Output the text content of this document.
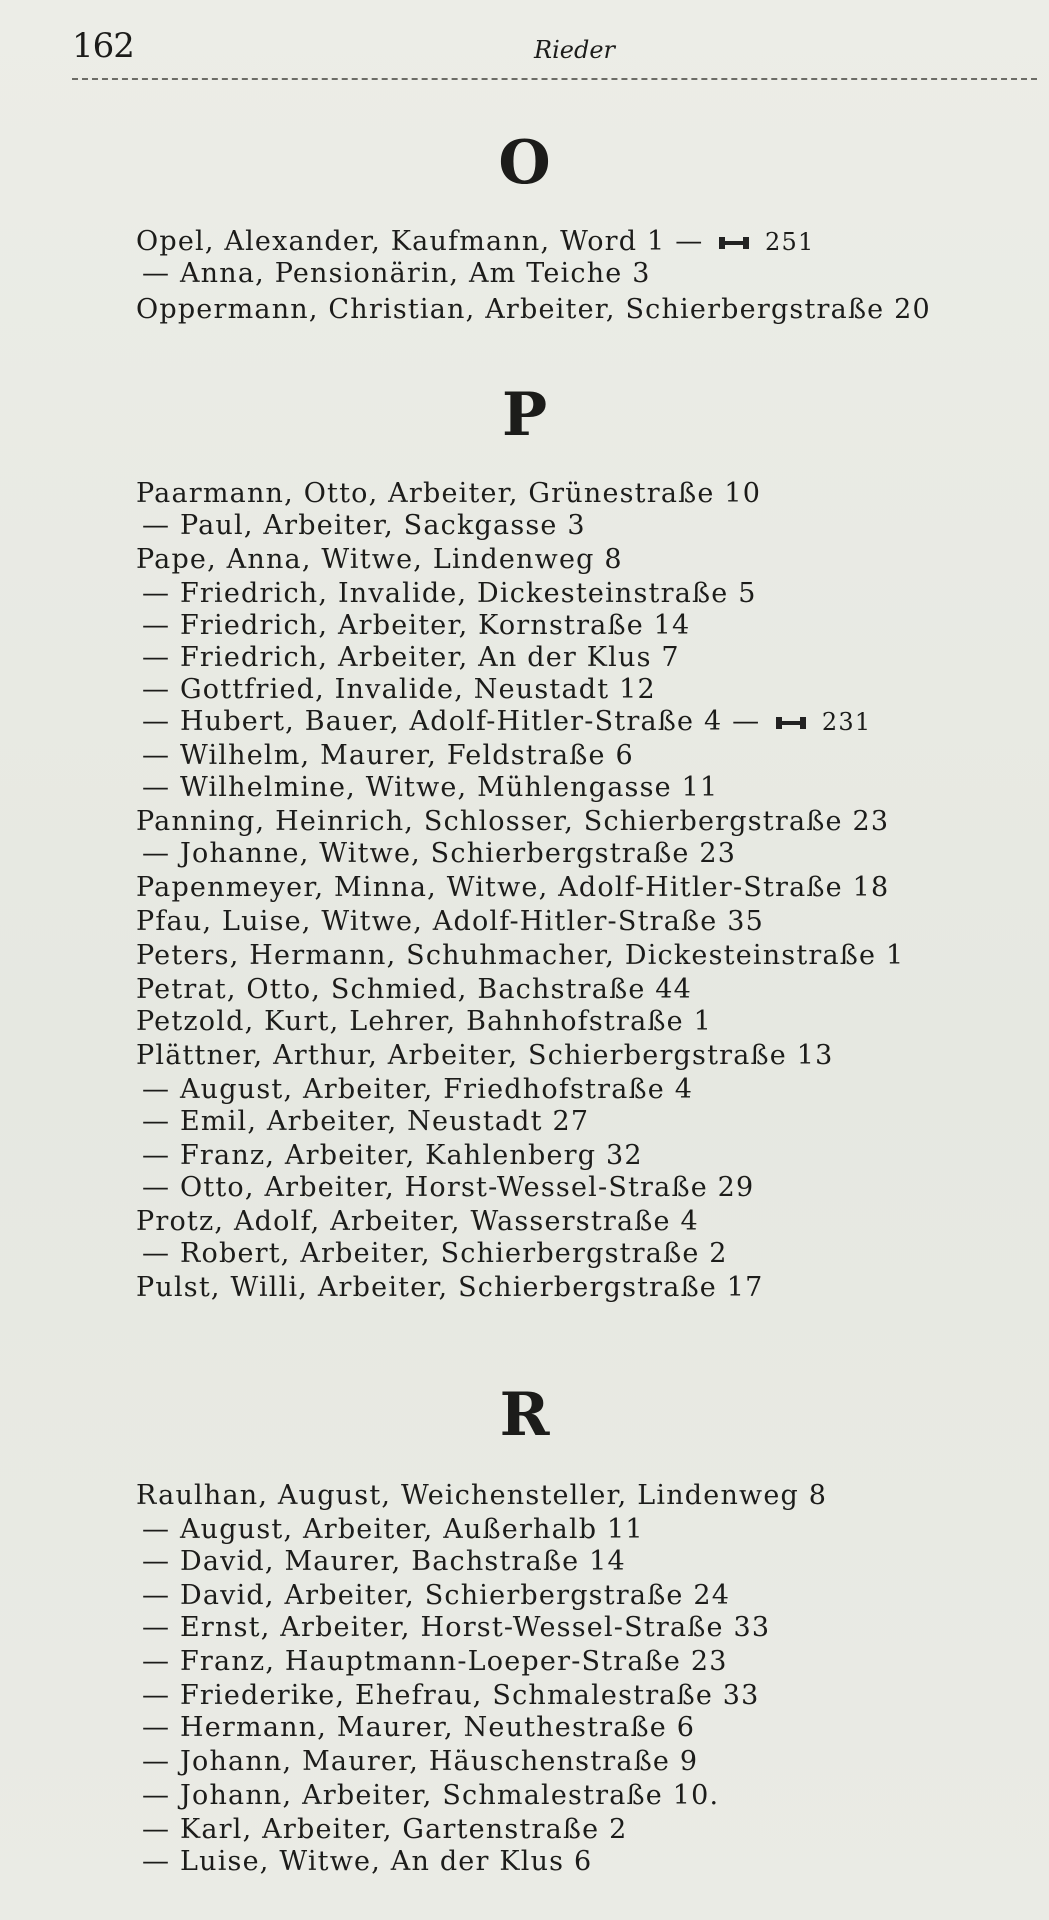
162	Rieder
O
Opel, Alexander, Kaufmann, Word 1 —	251
— Anna, Pensionärin, Am Teiche 3
Oppermann, Christian, Arbeiter, Schierbergstraße 20
P
Paarmann, Otto, Arbeiter, Grünestraße 10
— Paul, Arbeiter, Sackgasse 3
Pape, Anna, Witwe, Lindenweg 8
— Friedrich, Invalide, Dickesteinstraße 5
— Friedrich, Arbeiter, Kornstraße 14
— Friedrich, Arbeiter, An der Klus 7
— Gottfried, Invalide, Neustadt 12
— Hubert, Bauer, Adolf-Hitler-Straße 4 —	231
— Wilhelm, Maurer, Feldstraße 6
— Wilhelmine, Witwe, Mühlengasse 11
Panning, Heinrich, Schlosser, Schierbergstraße 23
— Johanne, Witwe, Schierbergstraße 23
Papenmeyer, Minna, Witwe, Adolf-Hitler-Straße 18
Pfau, Luise, Witwe, Adolf-Hitler-Straße 35
Peters, Hermann, Schuhmacher, Dickesteinstraße 1
Petrat, Otto, Schmied, Bachstraße 44
Petzold, Kurt, Lehrer, Bahnhofstraße 1
Plättner, Arthur, Arbeiter, Schierbergstraße 13
— August, Arbeiter, Friedhofstraße 4
— Emil, Arbeiter, Neustadt 27
— Franz, Arbeiter, Kahlenberg 32
— Otto, Arbeiter, Horst-Wessel-Straße 29
Protz, Adolf, Arbeiter, Wasserstraße 4
— Robert, Arbeiter, Schierbergstraße 2
Pulst, Willi, Arbeiter, Schierbergstraße 17
R
Raulhan, August, Weichensteller, Lindenweg 8
— August, Arbeiter, Außerhalb 11
— David, Maurer, Bachstraße 14
— David, Arbeiter, Schierbergstraße 24
— Ernst, Arbeiter, Horst-Wessel-Straße 33
— Franz, Hauptmann-Loeper-Straße 23
— Friederike, Ehefrau, Schmalestraße 33
— Hermann, Maurer, Neuthestraße 6
— Johann, Maurer, Häuschenstraße 9
— Johann, Arbeiter, Schmalestraße 10.
— Karl, Arbeiter, Gartenstraße 2
— Luise, Witwe, An der Klus 6
